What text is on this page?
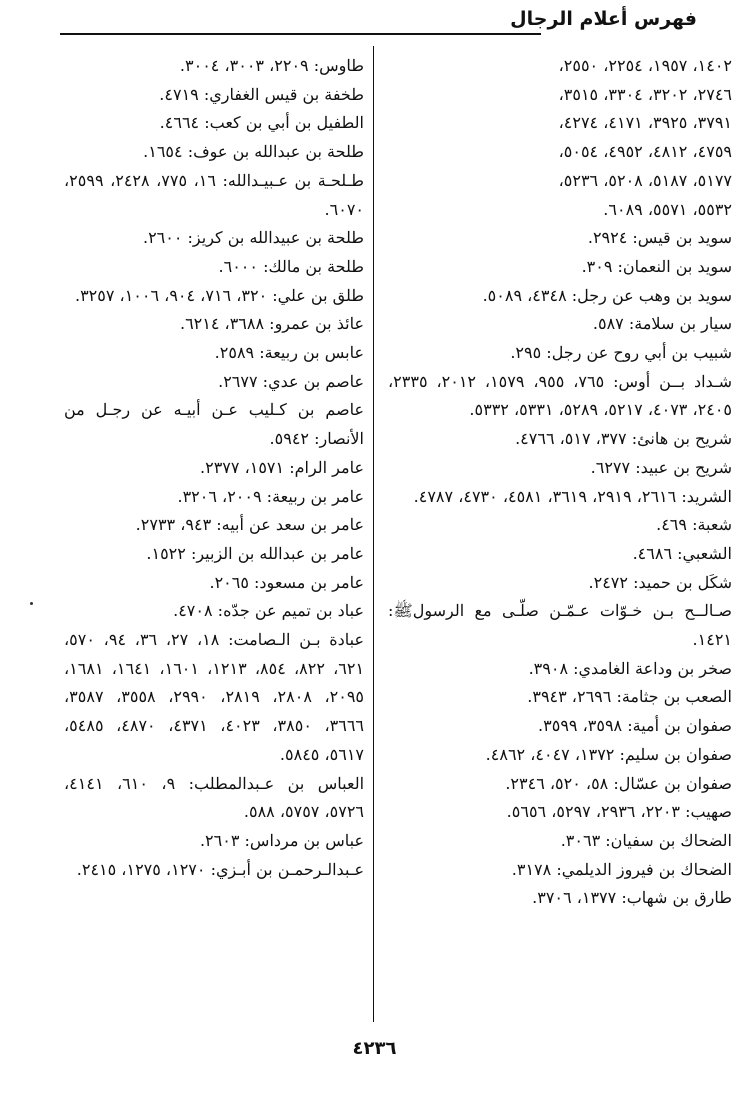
فهرس أعلام الرجال
١٤٠٢، ١٩٥٧، ٢٢٥٤، ٢٥٥٠،
٢٧٤٦، ٣٢٠٢، ٣٣٠٤، ٣٥١٥،
٣٧٩١، ٣٩٢٥، ٤١٧١، ٤٢٧٤،
٤٧٥٩، ٤٨١٢، ٤٩٥٢، ٥٠٥٤،
٥١٧٧، ٥١٨٧، ٥٢٠٨، ٥٢٣٦،
٥٥٣٢، ٥٥٧١، ٦٠٨٩.
سويد بن قيس: ٢٩٢٤.
سويد بن النعمان: ٣٠٩.
سويد بن وهب عن رجل: ٤٣٤٨، ٥٠٨٩.
سيار بن سلامة: ٥٨٧.
شبيب بن أبي روح عن رجل: ٢٩٥.
شـداد بــن أوس: ٧٦٥، ٩٥٥، ١٥٧٩، ٢٠١٢، ٢٣٣٥، ٢٤٠٥، ٤٠٧٣، ٥٢١٧، ٥٢٨٩، ٥٣٣١، ٥٣٣٢.
شريح بن هانئ: ٣٧٧، ٥١٧، ٤٧٦٦.
شريح بن عبيد: ٦٢٧٧.
الشريد: ٢٦١٦، ٢٩١٩، ٣٦١٩، ٤٥٨١، ٤٧٣٠، ٤٧٨٧.
شعبة: ٤٦٩.
الشعبي: ٤٦٨٦.
شكَل بن حميد: ٢٤٧٢.
صـالــح بـن خـوّات عـمّـن صلّـى مع الرسولﷺ: ١٤٢١.
صخر بن وداعة الغامدي: ٣٩٠٨.
الصعب بن جثامة: ٢٦٩٦، ٣٩٤٣.
صفوان بن أمية: ٣٥٩٨، ٣٥٩٩.
صفوان بن سليم: ١٣٧٢، ٤٠٤٧، ٤٨٦٢.
صفوان بن عسّال: ٥٨، ٥٢٠، ٢٣٤٦.
صهيب: ٢٢٠٣، ٢٩٣٦، ٥٢٩٧، ٥٦٥٦.
الضحاك بن سفيان: ٣٠٦٣.
الضحاك بن فيروز الديلمي: ٣١٧٨.
طارق بن شهاب: ١٣٧٧، ٣٧٠٦.
طاوس: ٢٢٠٩، ٣٠٠٣، ٣٠٠٤.
طخفة بن قيس الغفاري: ٤٧١٩.
الطفيل بن أبي بن كعب: ٤٦٦٤.
طلحة بن عبدالله بن عوف: ١٦٥٤.
طـلحـة بن عـبيـدالله: ١٦، ٧٧٥، ٢٤٢٨، ٢٥٩٩، ٦٠٧٠.
طلحة بن عبيدالله بن كريز: ٢٦٠٠.
طلحة بن مالك: ٦٠٠٠.
طلق بن علي: ٣٢٠، ٧١٦، ٩٠٤، ١٠٠٦، ٣٢٥٧.
عائذ بن عمرو: ٣٦٨٨، ٦٢١٤.
عابس بن ربيعة: ٢٥٨٩.
عاصم بن عدي: ٢٦٧٧.
عاصم بن كـليب عـن أبيـه عن رجـل من الأنصار: ٥٩٤٢.
عامر الرام: ١٥٧١، ٢٣٧٧.
عامر بن ربيعة: ٢٠٠٩، ٣٢٠٦.
عامر بن سعد عن أبيه: ٩٤٣، ٢٧٣٣.
عامر بن عبدالله بن الزبير: ١٥٢٢.
عامر بن مسعود: ٢٠٦٥.
عباد بن تميم عن جدّه: ٤٧٠٨.
عبادة بـن الـصامت: ١٨، ٢٧، ٣٦، ٩٤، ٥٧٠، ٦٢١، ٨٢٢، ٨٥٤، ١٢١٣، ١٦٠١، ١٦٤١، ١٦٨١، ٢٠٩٥، ٢٨٠٨، ٢٨١٩، ٢٩٩٠، ٣٥٥٨، ٣٥٨٧، ٣٦٦٦، ٣٨٥٠، ٤٠٢٣، ٤٣٧١، ٤٨٧٠، ٥٤٨٥، ٥٦١٧، ٥٨٤٥.
العباس بن عـبدالمطلب: ٩، ٦١٠، ٤١٤١، ٥٧٢٦، ٥٧٥٧، ٥٨٨.
عباس بن مرداس: ٢٦٠٣.
عـبدالـرحمـن بن أبـزي: ١٢٧٠، ١٢٧٥، ٢٤١٥.
٤٢٣٦
